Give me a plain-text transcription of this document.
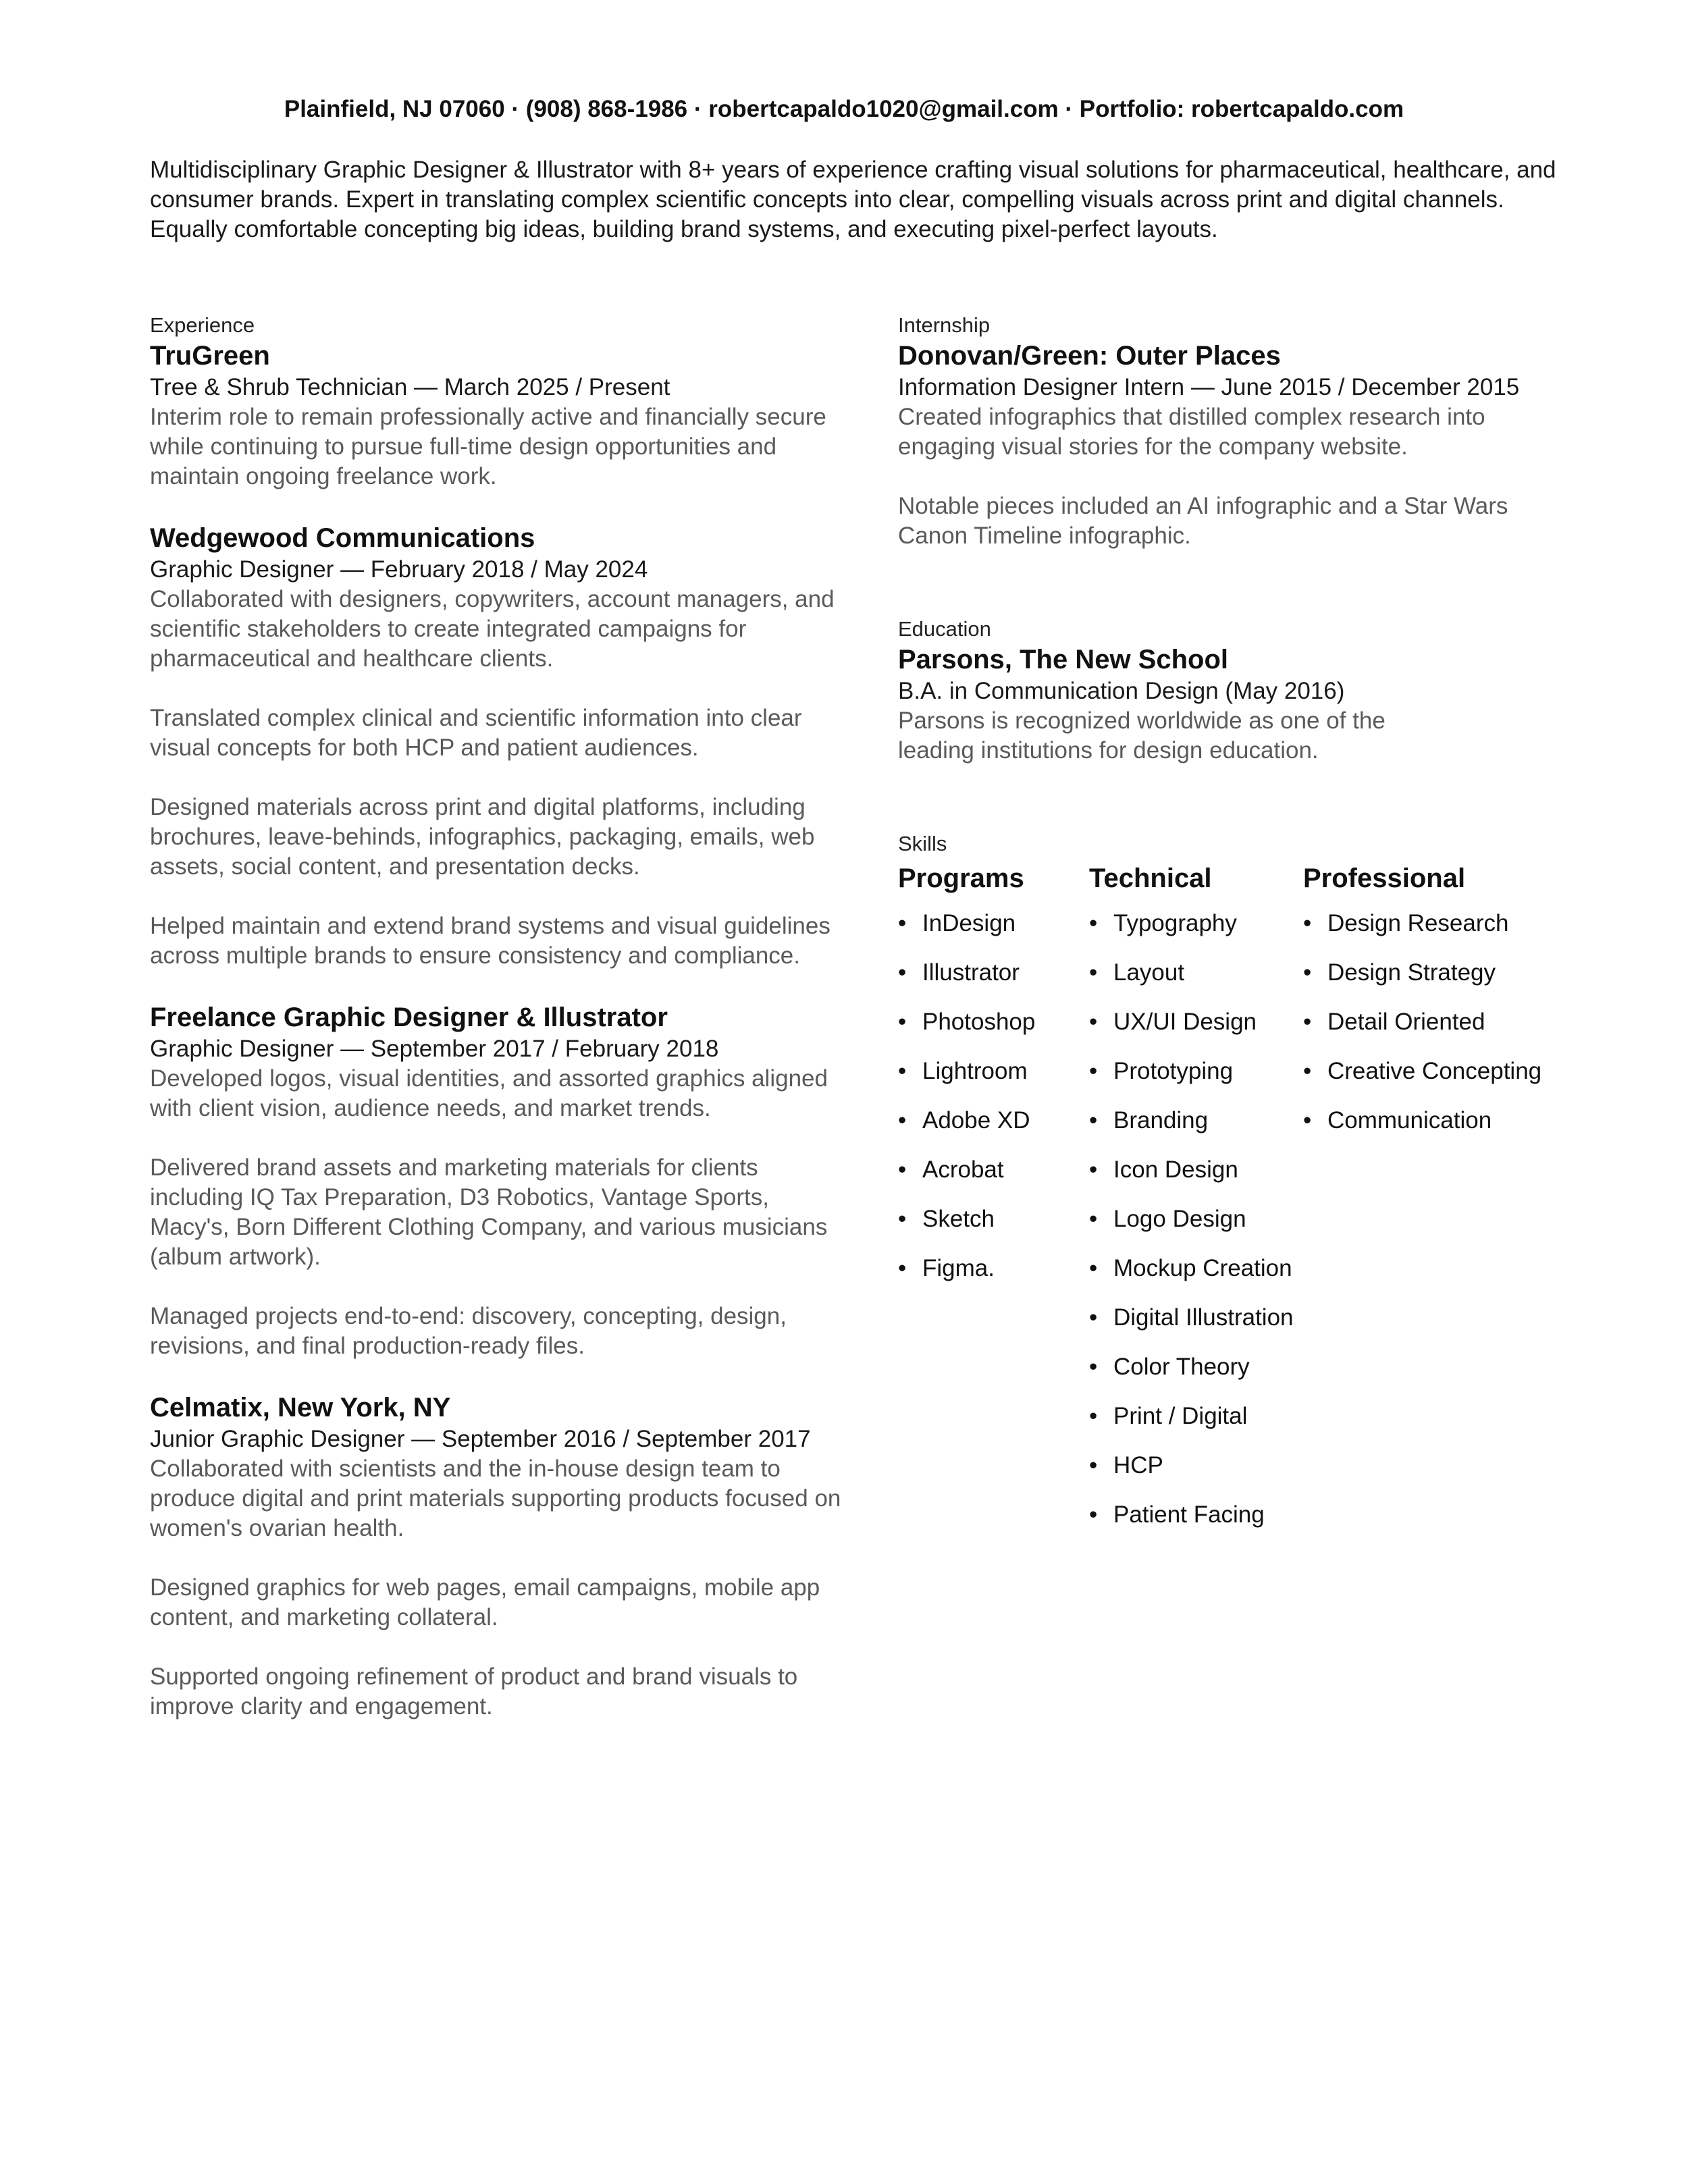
Plainfield, NJ 07060 · (908) 868-1986 · robertcapaldo1020@gmail.com · Portfolio: robertcapaldo.com
Multidisciplinary Graphic Designer & Illustrator with 8+ years of experience crafting visual solutions for pharmaceutical, healthcare, and consumer brands. Expert in translating complex scientific concepts into clear, compelling visuals across print and digital channels. Equally comfortable concepting big ideas, building brand systems, and executing pixel-perfect layouts.
Experience
TruGreen
Tree & Shrub Technician — March 2025 / Present

Interim role to remain professionally active and financially secure while continuing to pursue full-time design opportunities and maintain ongoing freelance work.

Wedgewood Communications
Graphic Designer — February 2018 / May 2024

Collaborated with designers, copywriters, account managers, and scientific stakeholders to create integrated campaigns for pharmaceutical and healthcare clients.

Translated complex clinical and scientific information into clear visual concepts for both HCP and patient audiences.

Designed materials across print and digital platforms, including brochures, leave-behinds, infographics, packaging, emails, web assets, social content, and presentation decks.

Helped maintain and extend brand systems and visual guidelines across multiple brands to ensure consistency and compliance.

Freelance Graphic Designer & Illustrator
Graphic Designer — September 2017 / February 2018

Developed logos, visual identities, and assorted graphics aligned with client vision, audience needs, and market trends.

Delivered brand assets and marketing materials for clients including IQ Tax Preparation, D3 Robotics, Vantage Sports, Macy's, Born Different Clothing Company, and various musicians (album artwork).

Managed projects end-to-end: discovery, concepting, design, revisions, and final production-ready files.

Celmatix, New York, NY
Junior Graphic Designer — September 2016 / September 2017

Collaborated with scientists and the in-house design team to produce digital and print materials supporting products focused on women's ovarian health.

Designed graphics for web pages, email campaigns, mobile app content, and marketing collateral.

Supported ongoing refinement of product and brand visuals to improve clarity and engagement.

Internship
Donovan/Green: Outer Places
Information Designer Intern — June 2015 / December 2015

Created infographics that distilled complex research into engaging visual stories for the company website.

Notable pieces included an AI infographic and a Star Wars Canon Timeline infographic.

Education
Parsons, The New School
B.A. in Communication Design (May 2016)

Parsons is recognized worldwide as one of the leading institutions for design education.

Skills
Programs
• InDesign
• Illustrator
• Photoshop
• Lightroom
• Adobe XD
• Acrobat
• Sketch
• Figma.
Technical
• Typography
• Layout
• UX/UI Design
• Prototyping
• Branding
• Icon Design
• Logo Design
• Mockup Creation
• Digital Illustration
• Color Theory
• Print / Digital
• HCP
• Patient Facing
Professional
• Design Research
• Design Strategy
• Detail Oriented
• Creative Concepting
• Communication
